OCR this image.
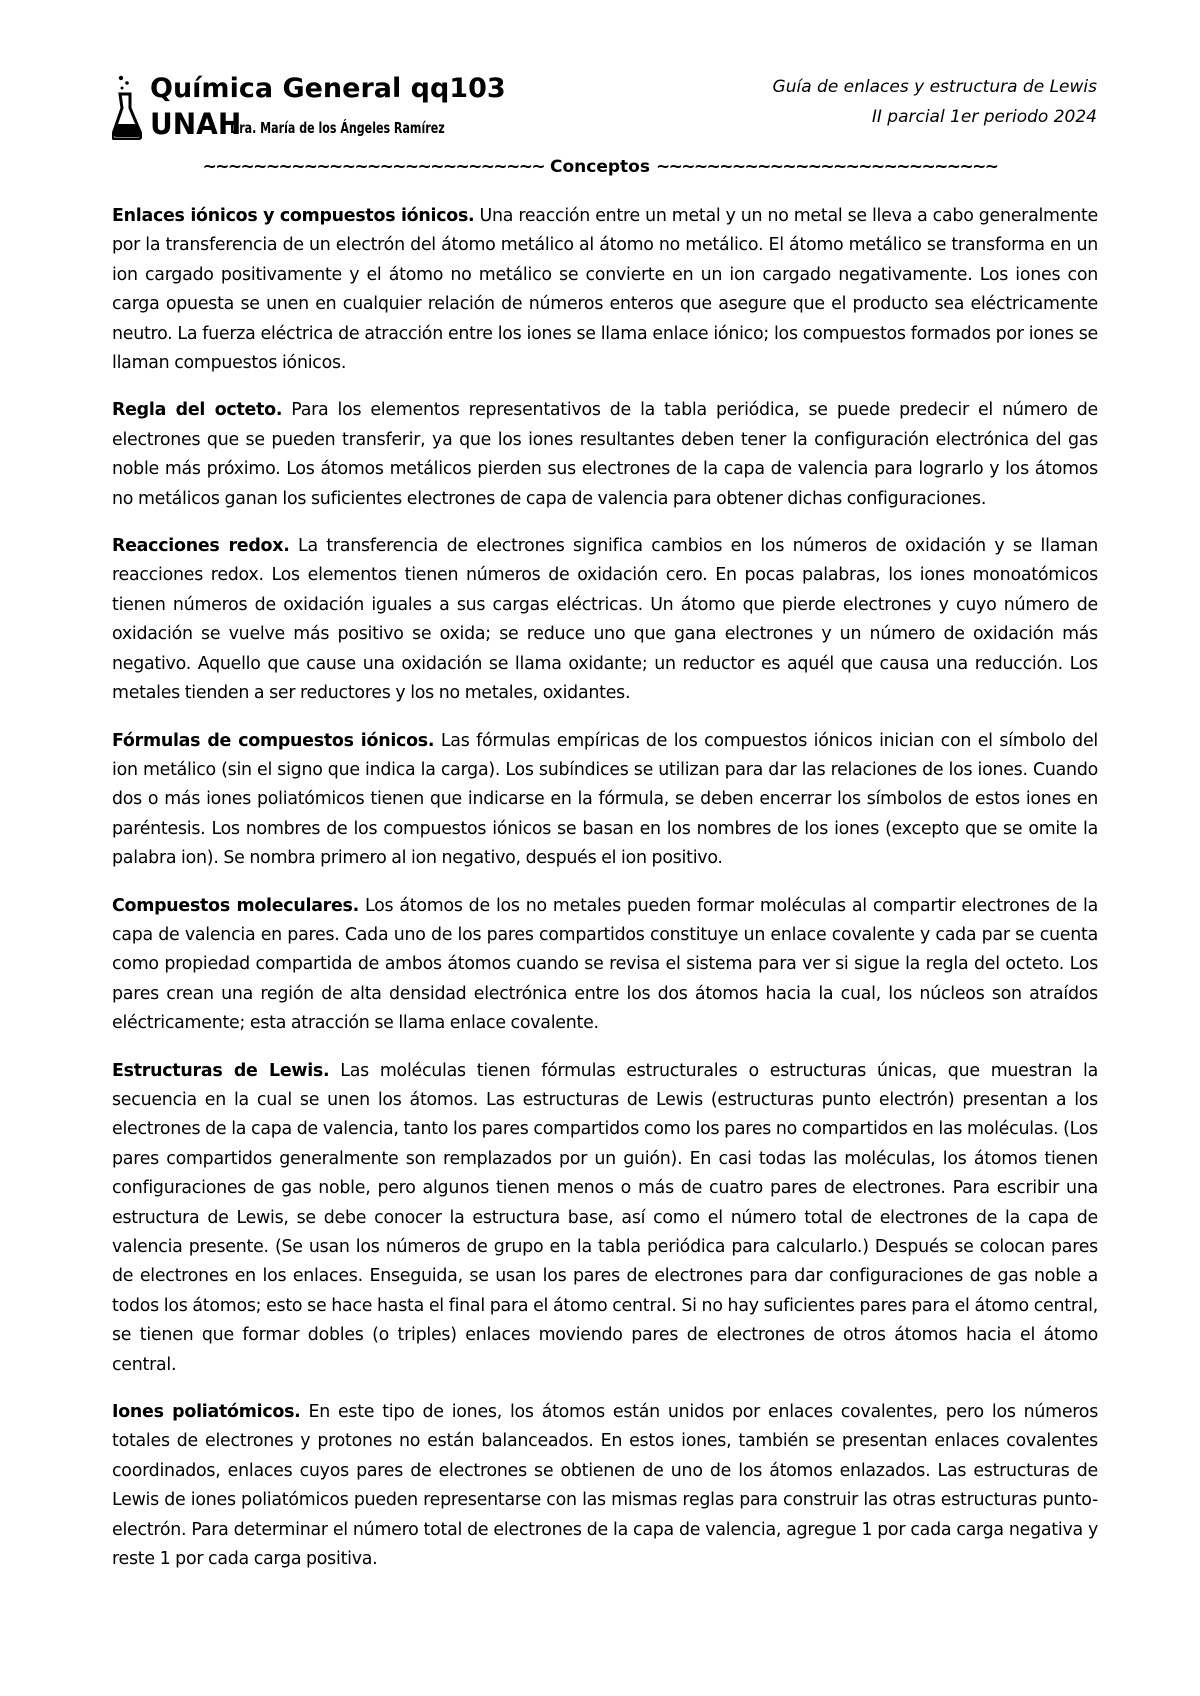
Química General qq103
UNAH
Dra. María de los Ángeles Ramírez
Guía de enlaces y estructura de Lewis
II parcial 1er periodo 2024
~~~~~~~~~~~~~~~~~~~~~~~~~~~ Conceptos ~~~~~~~~~~~~~~~~~~~~~~~~~~~

Enlaces iónicos y compuestos iónicos. Una reacción entre un metal y un no metal se lleva a cabo generalmente por la transferencia de un electrón del átomo metálico al átomo no metálico. El átomo metálico se transforma en un ion cargado positivamente y el átomo no metálico se convierte en un ion cargado negativamente. Los iones con carga opuesta se unen en cualquier relación de números enteros que asegure que el producto sea eléctricamente neutro. La fuerza eléctrica de atracción entre los iones se llama enlace iónico; los compuestos formados por iones se llaman compuestos iónicos.

Regla del octeto. Para los elementos representativos de la tabla periódica, se puede predecir el número de electrones que se pueden transferir, ya que los iones resultantes deben tener la configuración electrónica del gas noble más próximo. Los átomos metálicos pierden sus electrones de la capa de valencia para lograrlo y los átomos no metálicos ganan los suficientes electrones de capa de valencia para obtener dichas configuraciones.

Reacciones redox. La transferencia de electrones significa cambios en los números de oxidación y se llaman reacciones redox. Los elementos tienen números de oxidación cero. En pocas palabras, los iones monoatómicos tienen números de oxidación iguales a sus cargas eléctricas. Un átomo que pierde electrones y cuyo número de oxidación se vuelve más positivo se oxida; se reduce uno que gana electrones y un número de oxidación más negativo. Aquello que cause una oxidación se llama oxidante; un reductor es aquél que causa una reducción. Los metales tienden a ser reductores y los no metales, oxidantes.

Fórmulas de compuestos iónicos. Las fórmulas empíricas de los compuestos iónicos inician con el símbolo del ion metálico (sin el signo que indica la carga). Los subíndices se utilizan para dar las relaciones de los iones. Cuando dos o más iones poliatómicos tienen que indicarse en la fórmula, se deben encerrar los símbolos de estos iones en paréntesis. Los nombres de los compuestos iónicos se basan en los nombres de los iones (excepto que se omite la palabra ion). Se nombra primero al ion negativo, después el ion positivo.

Compuestos moleculares. Los átomos de los no metales pueden formar moléculas al compartir electrones de la capa de valencia en pares. Cada uno de los pares compartidos constituye un enlace covalente y cada par se cuenta como propiedad compartida de ambos átomos cuando se revisa el sistema para ver si sigue la regla del octeto. Los pares crean una región de alta densidad electrónica entre los dos átomos hacia la cual, los núcleos son atraídos eléctricamente; esta atracción se llama enlace covalente.

Estructuras de Lewis. Las moléculas tienen fórmulas estructurales o estructuras únicas, que muestran la secuencia en la cual se unen los átomos. Las estructuras de Lewis (estructuras punto electrón) presentan a los electrones de la capa de valencia, tanto los pares compartidos como los pares no compartidos en las moléculas. (Los pares compartidos generalmente son remplazados por un guión). En casi todas las moléculas, los átomos tienen configuraciones de gas noble, pero algunos tienen menos o más de cuatro pares de electrones. Para escribir una estructura de Lewis, se debe conocer la estructura base, así como el número total de electrones de la capa de valencia presente. (Se usan los números de grupo en la tabla periódica para calcularlo.) Después se colocan pares de electrones en los enlaces. Enseguida, se usan los pares de electrones para dar configuraciones de gas noble a todos los átomos; esto se hace hasta el final para el átomo central. Si no hay suficientes pares para el átomo central, se tienen que formar dobles (o triples) enlaces moviendo pares de electrones de otros átomos hacia el átomo central.

Iones poliatómicos. En este tipo de iones, los átomos están unidos por enlaces covalentes, pero los números totales de electrones y protones no están balanceados. En estos iones, también se presentan enlaces covalentes coordinados, enlaces cuyos pares de electrones se obtienen de uno de los átomos enlazados. Las estructuras de Lewis de iones poliatómicos pueden representarse con las mismas reglas para construir las otras estructuras punto-electrón. Para determinar el número total de electrones de la capa de valencia, agregue 1 por cada carga negativa y reste 1 por cada carga positiva.
